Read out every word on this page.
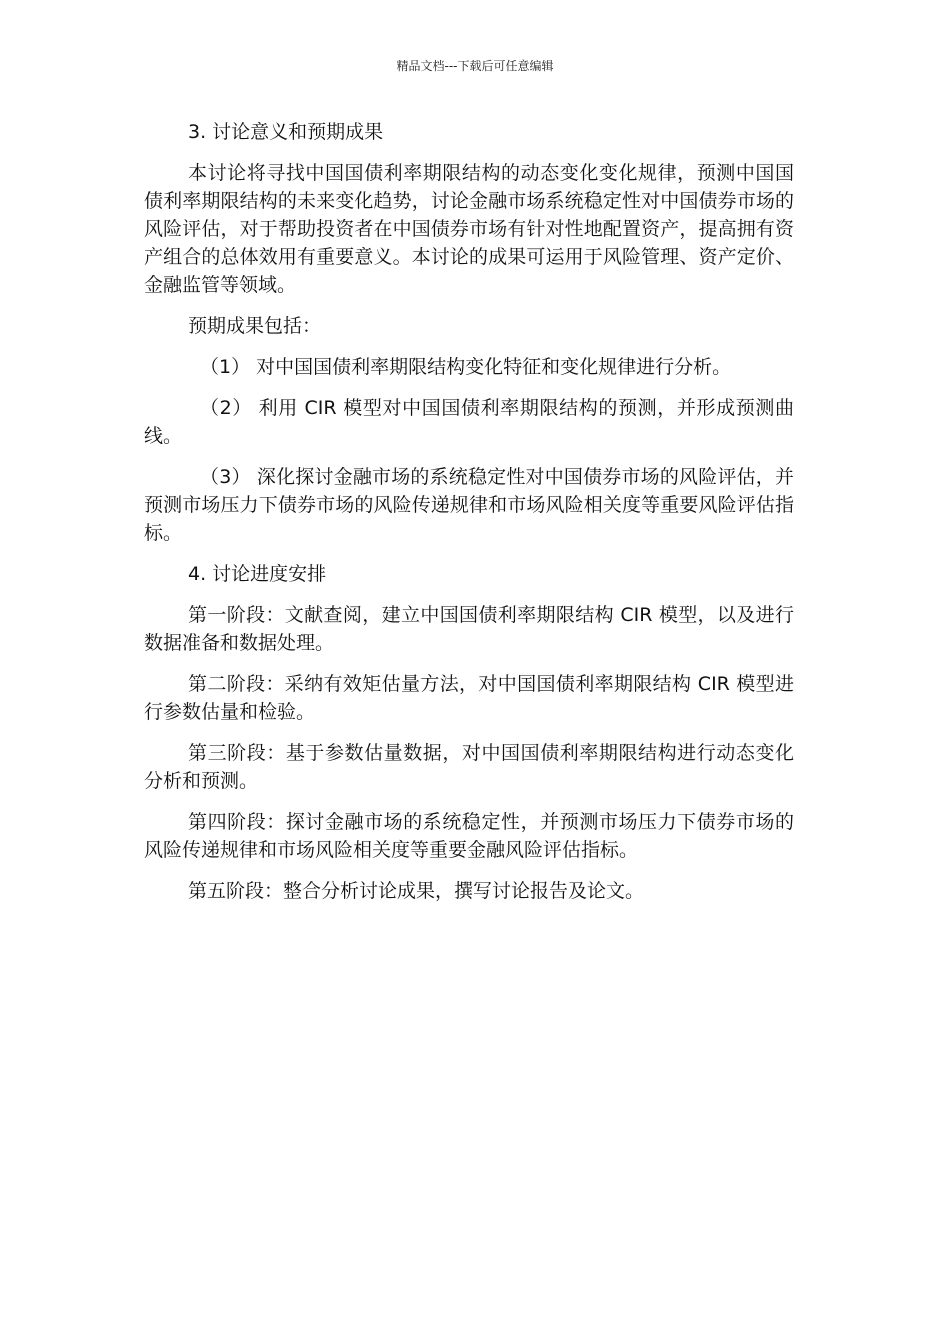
精品文档---下载后可任意编辑

3. 讨论意义和预期成果

本讨论将寻找中国国债利率期限结构的动态变化变化规律，预测中国国债利率期限结构的未来变化趋势，讨论金融市场系统稳定性对中国债券市场的风险评估，对于帮助投资者在中国债券市场有针对性地配置资产，提高拥有资产组合的总体效用有重要意义。本讨论的成果可运用于风险管理、资产定价、金融监管等领域。

预期成果包括：

（1） 对中国国债利率期限结构变化特征和变化规律进行分析。

（2） 利用 CIR 模型对中国国债利率期限结构的预测，并形成预测曲线。

（3） 深化探讨金融市场的系统稳定性对中国债券市场的风险评估，并预测市场压力下债券市场的风险传递规律和市场风险相关度等重要风险评估指标。

4. 讨论进度安排

第一阶段：文献查阅，建立中国国债利率期限结构 CIR 模型，以及进行数据准备和数据处理。

第二阶段：采纳有效矩估量方法，对中国国债利率期限结构 CIR 模型进行参数估量和检验。

第三阶段：基于参数估量数据，对中国国债利率期限结构进行动态变化分析和预测。

第四阶段：探讨金融市场的系统稳定性，并预测市场压力下债券市场的风险传递规律和市场风险相关度等重要金融风险评估指标。

第五阶段：整合分析讨论成果，撰写讨论报告及论文。
